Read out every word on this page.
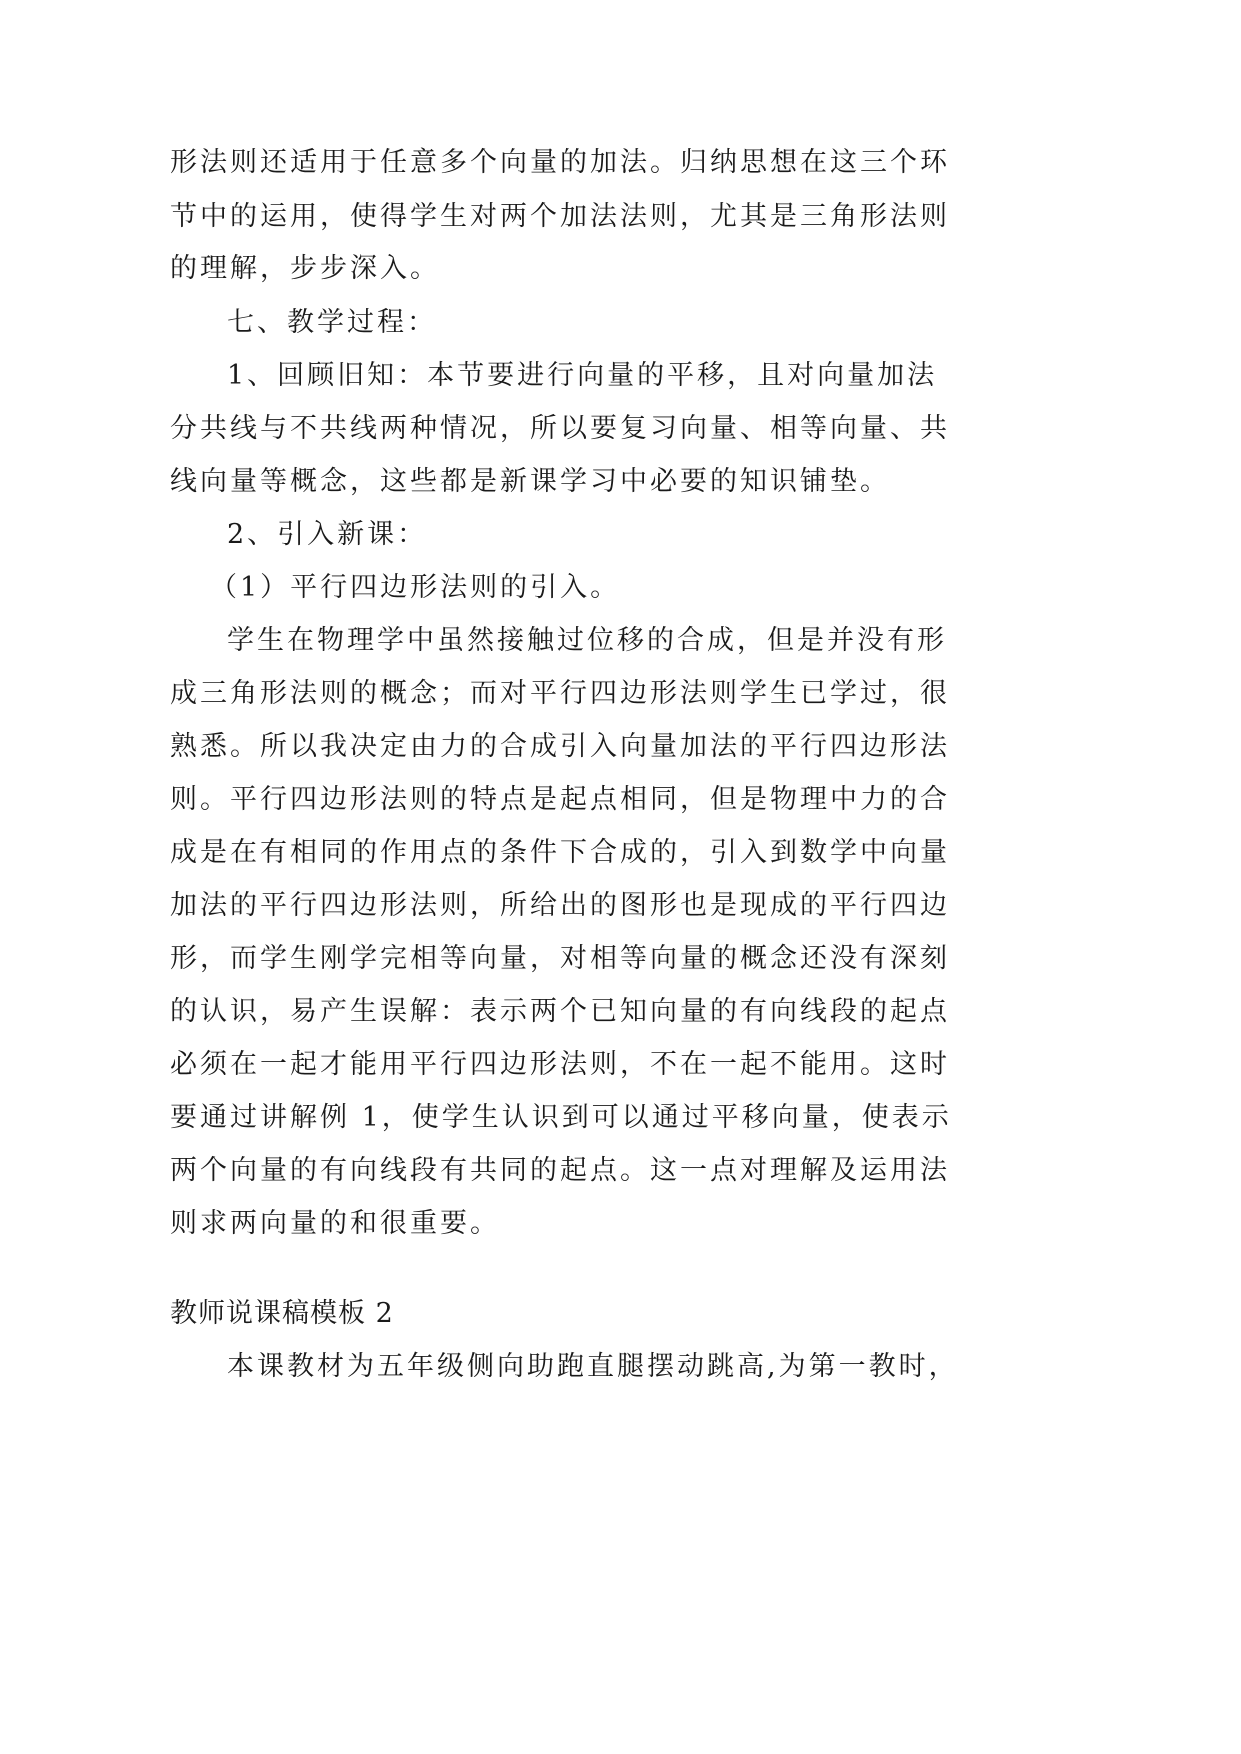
形法则还适用于任意多个向量的加法。归纳思想在这三个环
节中的运用，使得学生对两个加法法则，尤其是三角形法则
的理解，步步深入。
七、教学过程：
1、回顾旧知：本节要进行向量的平移，且对向量加法
分共线与不共线两种情况，所以要复习向量、相等向量、共
线向量等概念，这些都是新课学习中必要的知识铺垫。
2、引入新课：
（1）平行四边形法则的引入。
学生在物理学中虽然接触过位移的合成，但是并没有形
成三角形法则的概念；而对平行四边形法则学生已学过，很
熟悉。所以我决定由力的合成引入向量加法的平行四边形法
则。平行四边形法则的特点是起点相同，但是物理中力的合
成是在有相同的作用点的条件下合成的，引入到数学中向量
加法的平行四边形法则，所给出的图形也是现成的平行四边
形，而学生刚学完相等向量，对相等向量的概念还没有深刻
的认识，易产生误解：表示两个已知向量的有向线段的起点
必须在一起才能用平行四边形法则，不在一起不能用。这时
要通过讲解例 1，使学生认识到可以通过平移向量，使表示
两个向量的有向线段有共同的起点。这一点对理解及运用法
则求两向量的和很重要。
教师说课稿模板 2
本课教材为五年级侧向助跑直腿摆动跳高,为第一教时，
